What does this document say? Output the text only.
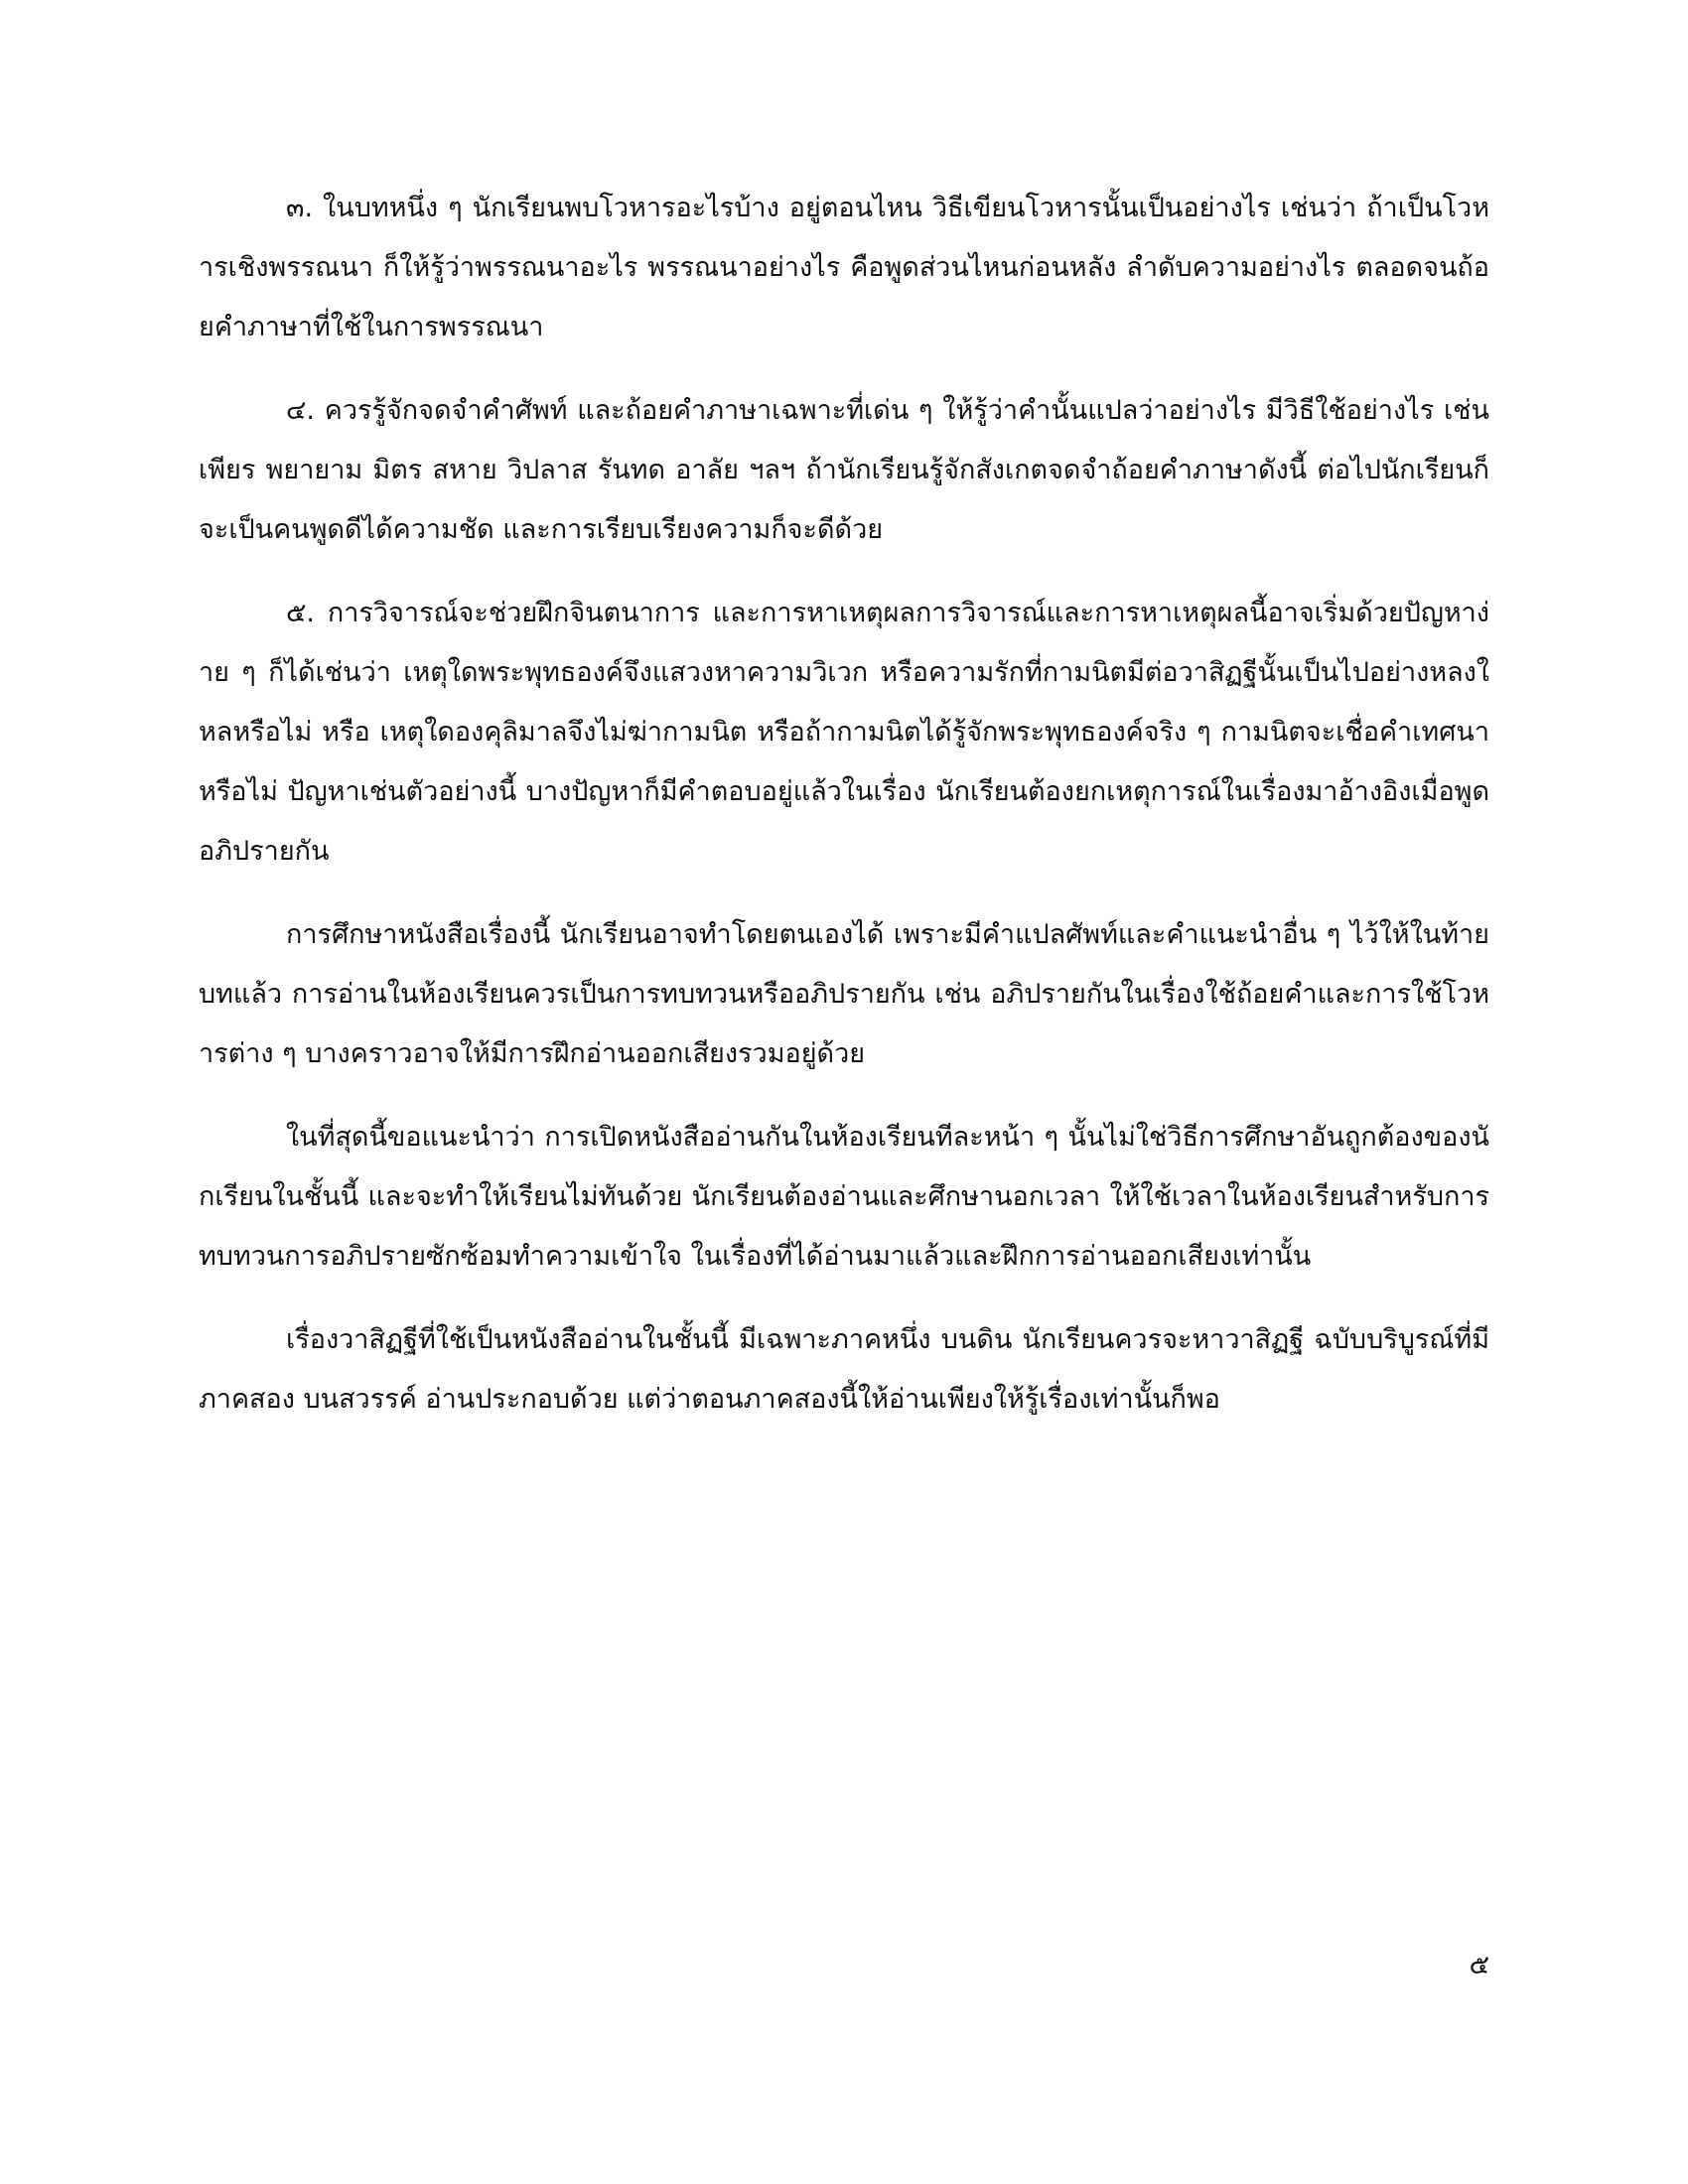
๓. ในบทหนึ่ง ๆ นักเรียนพบโวหารอะไรบ้าง อยู่ตอนไหน วิธีเขียนโวหารนั้นเป็นอย่างไร เช่นว่า ถ้าเป็นโวหารเชิงพรรณนา ก็ให้รู้ว่าพรรณนาอะไร พรรณนาอย่างไร คือพูดส่วนไหนก่อนหลัง ลำดับความอย่างไร ตลอดจนถ้อยคำภาษาที่ใช้ในการพรรณนา

๔. ควรรู้จักจดจำคำศัพท์ และถ้อยคำภาษาเฉพาะที่เด่น ๆ ให้รู้ว่าคำนั้นแปลว่าอย่างไร มีวิธีใช้อย่างไร เช่น เพียร พยายาม มิตร สหาย วิปลาส รันทด อาลัย ฯลฯ ถ้านักเรียนรู้จักสังเกตจดจำถ้อยคำภาษาดังนี้ ต่อไปนักเรียนก็จะเป็นคนพูดดีได้ความชัด และการเรียบเรียงความก็จะดีด้วย

๕. การวิจารณ์จะช่วยฝึกจินตนาการ และการหาเหตุผลการวิจารณ์และการหาเหตุผลนี้อาจเริ่มด้วยปัญหาง่าย ๆ ก็ได้เช่นว่า เหตุใดพระพุทธองค์จึงแสวงหาความวิเวก หรือความรักที่กามนิตมีต่อวาสิฏฐีนั้นเป็นไปอย่างหลงใหลหรือไม่ หรือ เหตุใดองคุลิมาลจึงไม่ฆ่ากามนิต หรือถ้ากามนิตได้รู้จักพระพุทธองค์จริง ๆ กามนิตจะเชื่อคำเทศนาหรือไม่ ปัญหาเช่นตัวอย่างนี้ บางปัญหาก็มีคำตอบอยู่แล้วในเรื่อง นักเรียนต้องยกเหตุการณ์ในเรื่องมาอ้างอิงเมื่อพูดอภิปรายกัน

การศึกษาหนังสือเรื่องนี้ นักเรียนอาจทำโดยตนเองได้ เพราะมีคำแปลศัพท์และคำแนะนำอื่น ๆ ไว้ให้ในท้ายบทแล้ว การอ่านในห้องเรียนควรเป็นการทบทวนหรืออภิปรายกัน เช่น อภิปรายกันในเรื่องใช้ถ้อยคำและการใช้โวหารต่าง ๆ บางคราวอาจให้มีการฝึกอ่านออกเสียงรวมอยู่ด้วย

ในที่สุดนี้ขอแนะนำว่า การเปิดหนังสืออ่านกันในห้องเรียนทีละหน้า ๆ นั้นไม่ใช่วิธีการศึกษาอันถูกต้องของนักเรียนในชั้นนี้ และจะทำให้เรียนไม่ทันด้วย นักเรียนต้องอ่านและศึกษานอกเวลา ให้ใช้เวลาในห้องเรียนสำหรับการทบทวนการอภิปรายซักซ้อมทำความเข้าใจ ในเรื่องที่ได้อ่านมาแล้วและฝึกการอ่านออกเสียงเท่านั้น

เรื่องวาสิฏฐีที่ใช้เป็นหนังสืออ่านในชั้นนี้ มีเฉพาะภาคหนึ่ง บนดิน นักเรียนควรจะหาวาสิฏฐี ฉบับบริบูรณ์ที่มีภาคสอง บนสวรรค์ อ่านประกอบด้วย แต่ว่าตอนภาคสองนี้ให้อ่านเพียงให้รู้เรื่องเท่านั้นก็พอ

๕
